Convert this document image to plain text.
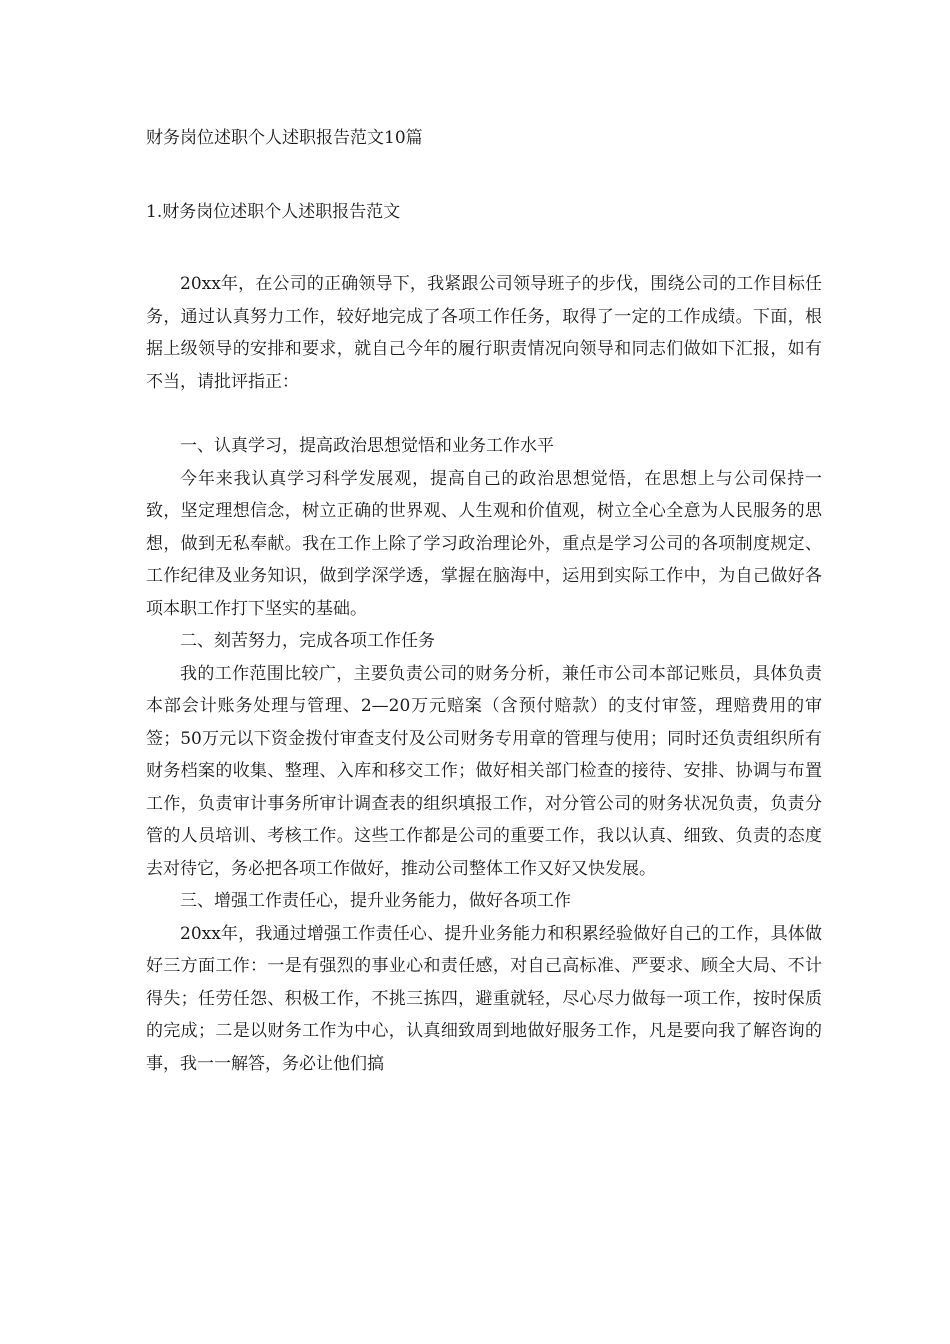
财务岗位述职个人述职报告范文10篇
1.财务岗位述职个人述职报告范文

20xx年，在公司的正确领导下，我紧跟公司领导班子的步伐，围绕公司的工作目标任务，通过认真努力工作，较好地完成了各项工作任务，取得了一定的工作成绩。下面，根据上级领导的安排和要求，就自己今年的履行职责情况向领导和同志们做如下汇报，如有不当，请批评指正：

一、认真学习，提高政治思想觉悟和业务工作水平

今年来我认真学习科学发展观，提高自己的政治思想觉悟，在思想上与公司保持一致，坚定理想信念，树立正确的世界观、人生观和价值观，树立全心全意为人民服务的思想，做到无私奉献。我在工作上除了学习政治理论外，重点是学习公司的各项制度规定、工作纪律及业务知识，做到学深学透，掌握在脑海中，运用到实际工作中，为自己做好各项本职工作打下坚实的基础。

二、刻苦努力，完成各项工作任务

我的工作范围比较广，主要负责公司的财务分析，兼任市公司本部记账员，具体负责本部会计账务处理与管理、2—20万元赔案（含预付赔款）的支付审签，理赔费用的审签；50万元以下资金拨付审查支付及公司财务专用章的管理与使用；同时还负责组织所有财务档案的收集、整理、入库和移交工作；做好相关部门检查的接待、安排、协调与布置工作，负责审计事务所审计调查表的组织填报工作，对分管公司的财务状况负责，负责分管的人员培训、考核工作。这些工作都是公司的重要工作，我以认真、细致、负责的态度去对待它，务必把各项工作做好，推动公司整体工作又好又快发展。

三、增强工作责任心，提升业务能力，做好各项工作

20xx年，我通过增强工作责任心、提升业务能力和积累经验做好自己的工作，具体做好三方面工作：一是有强烈的事业心和责任感，对自己高标准、严要求、顾全大局、不计得失；任劳任怨、积极工作，不挑三拣四，避重就轻，尽心尽力做每一项工作，按时保质的完成；二是以财务工作为中心，认真细致周到地做好服务工作，凡是要向我了解咨询的事，我一一解答，务必让他们搞
